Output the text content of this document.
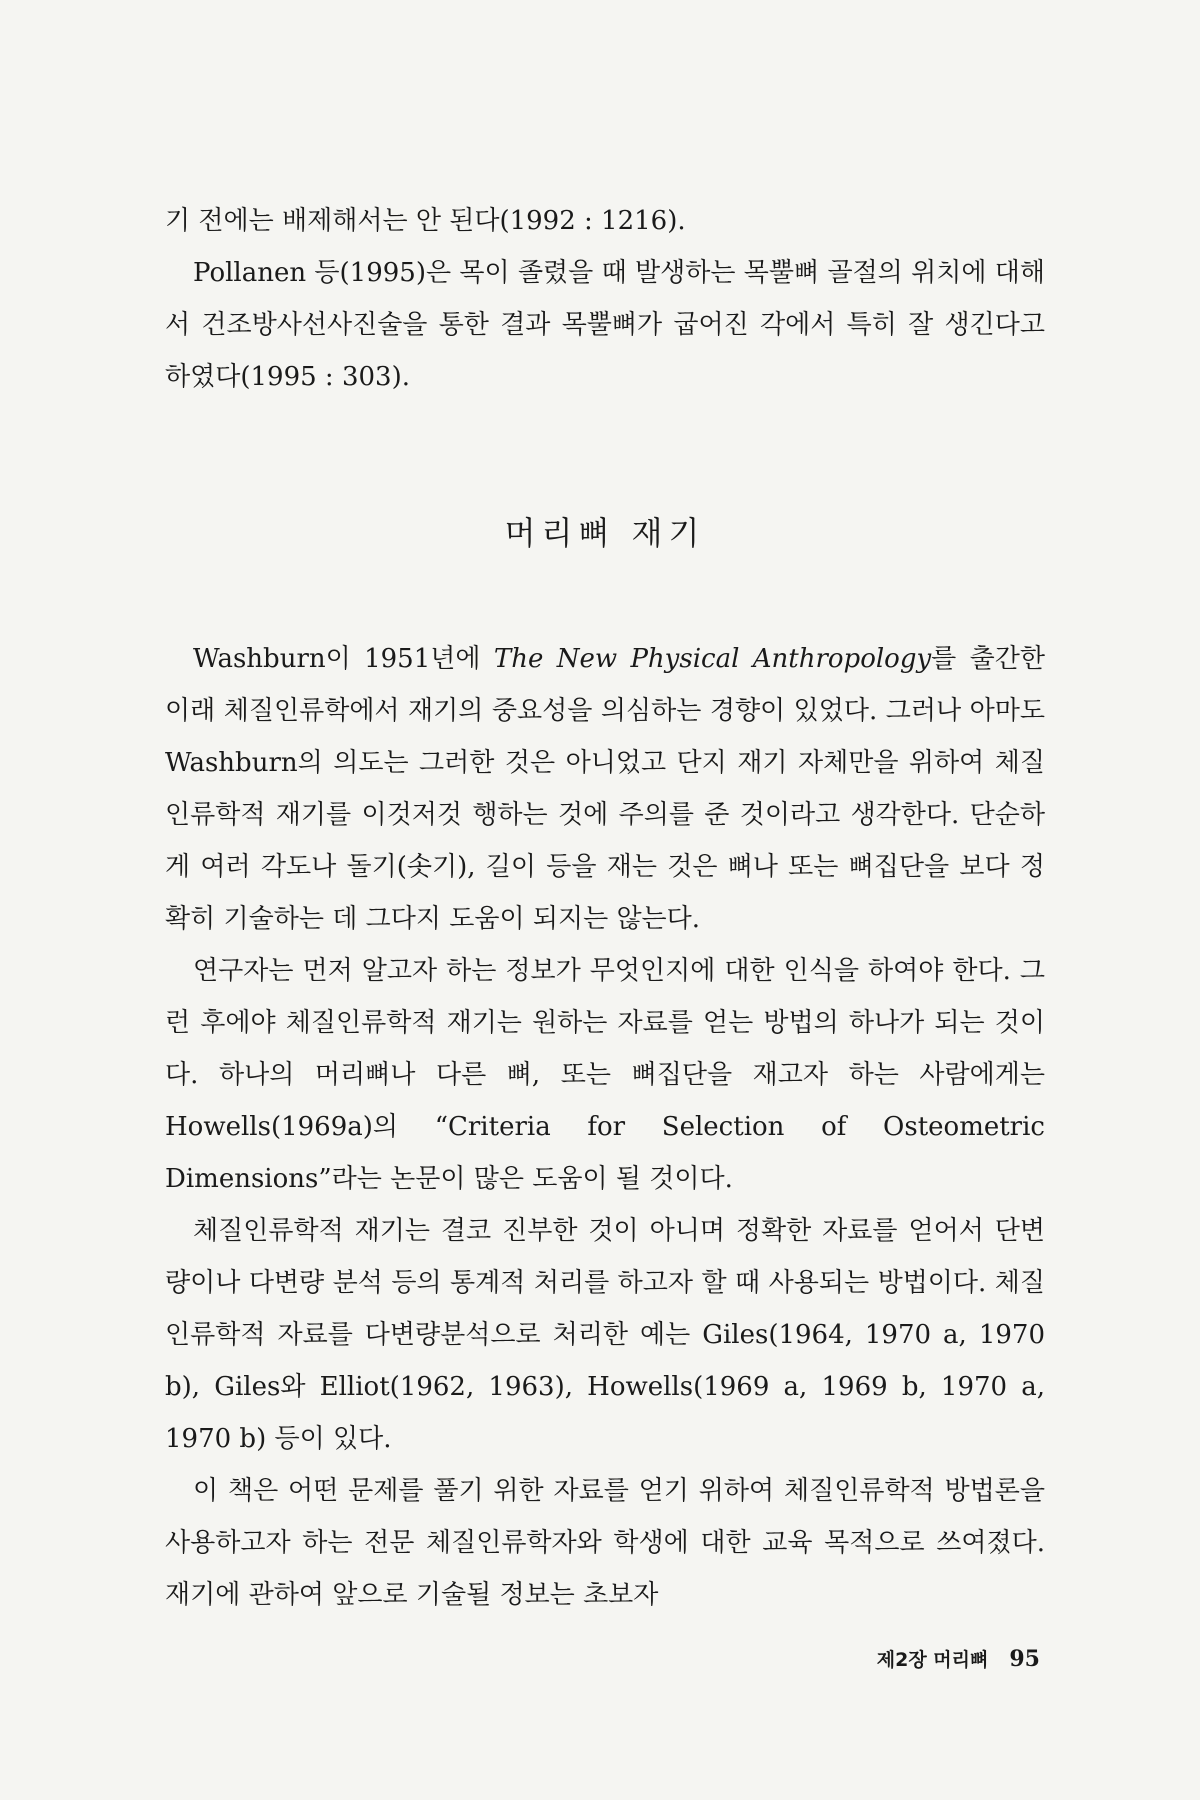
기 전에는 배제해서는 안 된다(1992 : 1216).

Pollanen 등(1995)은 목이 졸렸을 때 발생하는 목뿔뼈 골절의 위치에 대해서 건조방사선사진술을 통한 결과 목뿔뼈가 굽어진 각에서 특히 잘 생긴다고 하였다(1995 : 303).

머리뼈 재기

Washburn이 1951년에 The New Physical Anthropology를 출간한 이래 체질인류학에서 재기의 중요성을 의심하는 경향이 있었다. 그러나 아마도 Washburn의 의도는 그러한 것은 아니었고 단지 재기 자체만을 위하여 체질인류학적 재기를 이것저것 행하는 것에 주의를 준 것이라고 생각한다. 단순하게 여러 각도나 돌기(솟기), 길이 등을 재는 것은 뼈나 또는 뼈집단을 보다 정확히 기술하는 데 그다지 도움이 되지는 않는다.

연구자는 먼저 알고자 하는 정보가 무엇인지에 대한 인식을 하여야 한다. 그런 후에야 체질인류학적 재기는 원하는 자료를 얻는 방법의 하나가 되는 것이다. 하나의 머리뼈나 다른 뼈, 또는 뼈집단을 재고자 하는 사람에게는 Howells(1969a)의 “Criteria for Selection of Osteometric Dimensions”라는 논문이 많은 도움이 될 것이다.

체질인류학적 재기는 결코 진부한 것이 아니며 정확한 자료를 얻어서 단변량이나 다변량 분석 등의 통계적 처리를 하고자 할 때 사용되는 방법이다. 체질인류학적 자료를 다변량분석으로 처리한 예는 Giles(1964, 1970 a, 1970 b), Giles와 Elliot(1962, 1963), Howells(1969 a, 1969 b, 1970 a, 1970 b) 등이 있다.

이 책은 어떤 문제를 풀기 위한 자료를 얻기 위하여 체질인류학적 방법론을 사용하고자 하는 전문 체질인류학자와 학생에 대한 교육 목적으로 쓰여졌다. 재기에 관하여 앞으로 기술될 정보는 초보자

제2장 머리뼈 95
